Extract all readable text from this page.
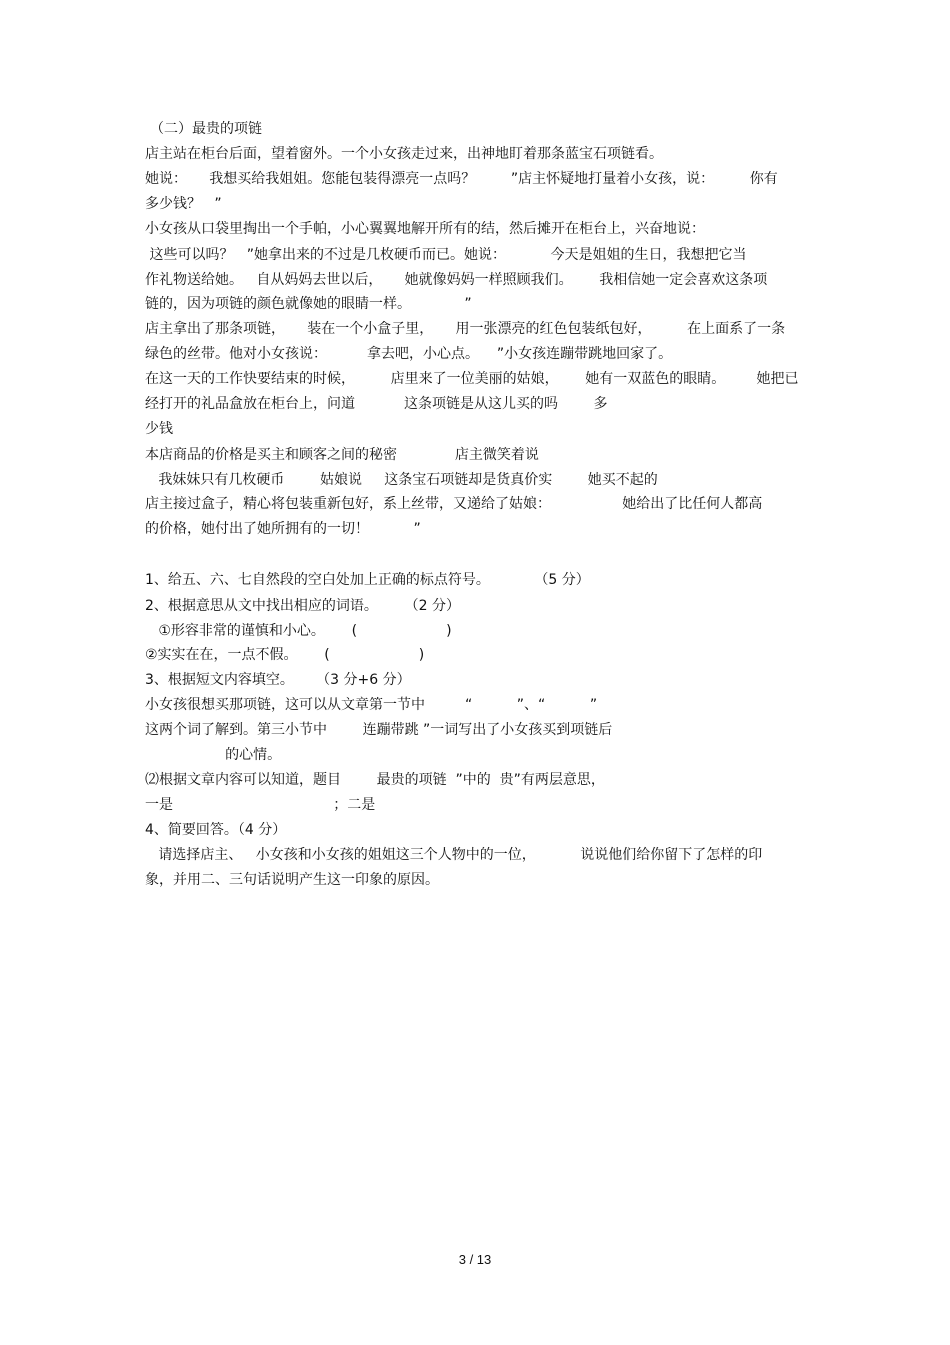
（二）最贵的项链
店主站在柜台后面，望着窗外。一个小女孩走过来，出神地盯着那条蓝宝石项链看。
她说：     我想买给我姐姐。您能包装得漂亮一点吗？        ”店主怀疑地打量着小女孩，说：        你有
多少钱？   ”
小女孩从口袋里掏出一个手帕，小心翼翼地解开所有的结，然后摊开在柜台上，兴奋地说：
这些可以吗？   ”她拿出来的不过是几枚硬币而已。她说：          今天是姐姐的生日，我想把它当
作礼物送给她。   自从妈妈去世以后，     她就像妈妈一样照顾我们。      我相信她一定会喜欢这条项
链的，因为项链的颜色就像她的眼睛一样。            ”
店主拿出了那条项链，     装在一个小盒子里，     用一张漂亮的红色包装纸包好，        在上面系了一条
绿色的丝带。他对小女孩说：         拿去吧，小心点。    ”小女孩连蹦带跳地回家了。
在这一天的工作快要结束的时候，        店里来了一位美丽的姑娘，      她有一双蓝色的眼睛。       她把已
经打开的礼品盒放在柜台上，问道           这条项链是从这儿买的吗        多
少钱
本店商品的价格是买主和顾客之间的秘密             店主微笑着说
我妹妹只有几枚硬币        姑娘说     这条宝石项链却是货真价实        她买不起的
店主接过盒子，精心将包装重新包好，系上丝带，又递给了姑娘：                她给出了比任何人都高
的价格，她付出了她所拥有的一切！          ”
1、给五、六、七自然段的空白处加上正确的标点符号。          （5 分）
2、根据意思从文中找出相应的词语。      （2 分）
①形容非常的谨慎和小心。      (                    )
②实实在在，一点不假。      (                    )
3、根据短文内容填空。     （3 分+6 分）
小女孩很想买那项链，这可以从文章第一节中         “          ”、“          ”
这两个词了解到。第三小节中        连蹦带跳 ”一词写出了小女孩买到项链后
的心情。
⑵根据文章内容可以知道，题目        最贵的项链  ”中的  贵”有两层意思，
一是                                    ；二是
4、简要回答。（4 分）
请选择店主、   小女孩和小女孩的姐姐这三个人物中的一位，          说说他们给你留下了怎样的印
象，并用二、三句话说明产生这一印象的原因。
3 / 13
